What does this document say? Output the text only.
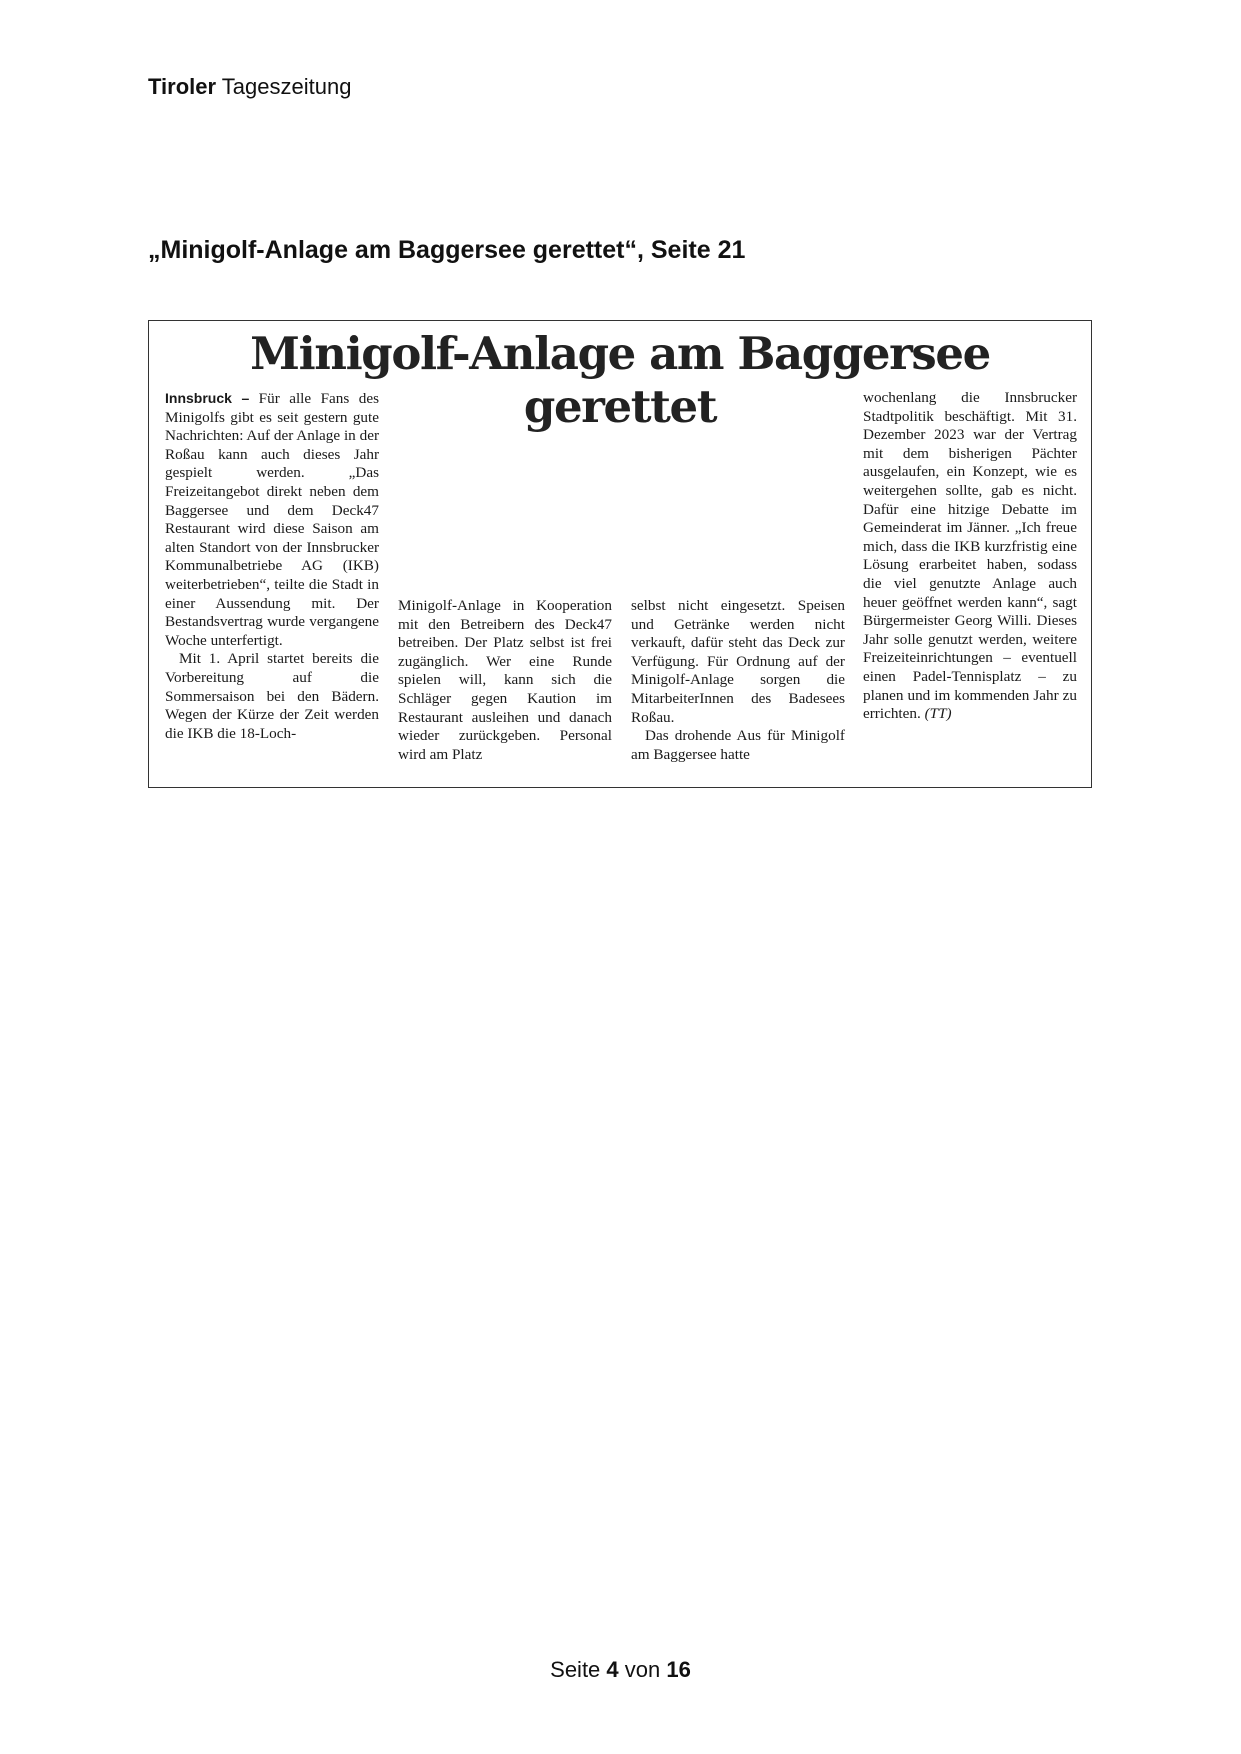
Tiroler Tageszeitung
„Minigolf-Anlage am Baggersee gerettet“, Seite 21
Minigolf-Anlage am Baggersee gerettet

Innsbruck – Für alle Fans des Minigolfs gibt es seit gestern gute Nachrichten: Auf der Anlage in der Roßau kann auch dieses Jahr gespielt werden. „Das Freizeitangebot direkt neben dem Baggersee und dem Deck47 Restaurant wird diese Saison am alten Standort von der Innsbrucker Kommunalbetriebe AG (IKB) weiterbetrieben“, teilte die Stadt in einer Aussendung mit. Der Bestandsvertrag wurde vergangene Woche unterfertigt.

Mit 1. April startet bereits die Vorbereitung auf die Sommersaison bei den Bädern. Wegen der Kürze der Zeit werden die IKB die 18-Loch-

Minigolf-Anlage in Kooperation mit den Betreibern des Deck47 betreiben. Der Platz selbst ist frei zugänglich. Wer eine Runde spielen will, kann sich die Schläger gegen Kaution im Restaurant ausleihen und danach wieder zurückgeben. Personal wird am Platz

selbst nicht eingesetzt. Speisen und Getränke werden nicht verkauft, dafür steht das Deck zur Verfügung. Für Ordnung auf der Minigolf-Anlage sorgen die MitarbeiterInnen des Badesees Roßau.

Das drohende Aus für Minigolf am Baggersee hatte

wochenlang die Innsbrucker Stadtpolitik beschäftigt. Mit 31. Dezember 2023 war der Vertrag mit dem bisherigen Pächter ausgelaufen, ein Konzept, wie es weitergehen sollte, gab es nicht. Dafür eine hitzige Debatte im Gemeinderat im Jänner. „Ich freue mich, dass die IKB kurzfristig eine Lösung erarbeitet haben, sodass die viel genutzte Anlage auch heuer geöffnet werden kann“, sagt Bürgermeister Georg Willi. Dieses Jahr solle genutzt werden, weitere Freizeiteinrichtungen – eventuell einen Padel-Tennisplatz – zu planen und im kommenden Jahr zu errichten. (TT)

Seite 4 von 16
